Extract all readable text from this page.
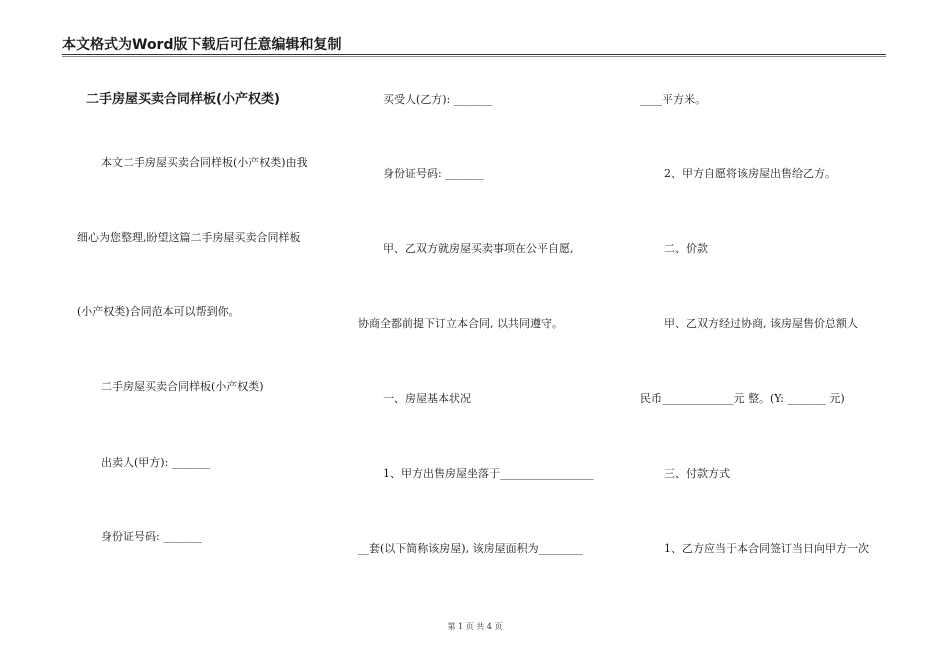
本文格式为Word版下载后可任意编辑和复制
二手房屋买卖合同样板(小产权类)
本文二手房屋买卖合同样板(小产权类)由我
细心为您整理,盼望这篇二手房屋买卖合同样板
(小产权类)合同范本可以帮到你。
二手房屋买卖合同样板(小产权类)
出卖人(甲方): _______
身份证号码: _______
买受人(乙方): _______
身份证号码: _______
甲、乙双方就房屋买卖事项在公平自愿,
协商全都前提下订立本合同, 以共同遵守。
一、房屋基本状况
1、甲方出售房屋坐落于_________________
__套(以下简称该房屋), 该房屋面积为________
____平方米。
2、甲方自愿将该房屋出售给乙方。
二、价款
甲、乙双方经过协商, 该房屋售价总额人
民币_____________元 整。(Y: _______ 元)
三、付款方式
1、乙方应当于本合同签订当日向甲方一次
第 1 页 共 4 页
